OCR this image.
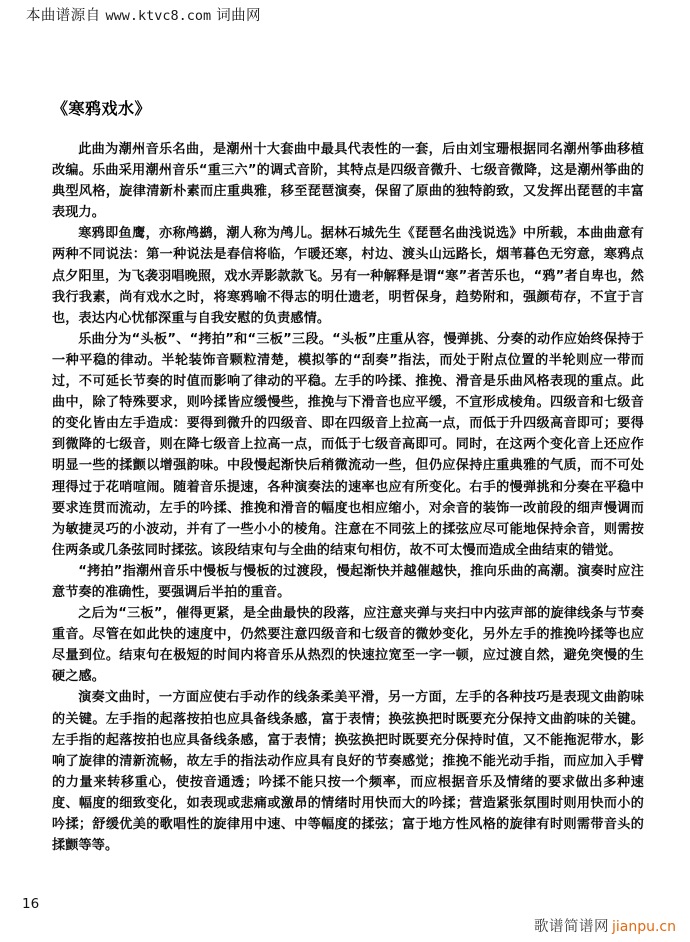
本曲谱源自 www.ktvc8.com 词曲网
《寒鸦戏水》

此曲为潮州音乐名曲，是潮州十大套曲中最具代表性的一套，后由刘宝珊根据同名潮州筝曲移植改编。乐曲采用潮州音乐“重三六”的调式音阶，其特点是四级音微升、七级音微降，这是潮州筝曲的典型风格，旋律清新朴素而庄重典雅，移至琵琶演奏，保留了原曲的独特韵致，又发挥出琵琶的丰富表现力。

寒鸦即鱼鹰，亦称鸬鹚，潮人称为鸬儿。据林石城先生《琵琶名曲浅说选》中所载，本曲曲意有两种不同说法：第一种说法是春信将临，乍暖还寒，村边、渡头山远路长，烟苇暮色无穷意，寒鸦点点夕阳里，为飞袭羽唱晚照，戏水弄影款款飞。另有一种解释是谓“寒”者苦乐也，“鸦”者自卑也，然我行我素，尚有戏水之时，将寒鸦喻不得志的明仕遗老，明哲保身，趋势附和，强颜苟存，不宣于言也，表达内心忧郁深重与自我安慰的负责感情。

乐曲分为“头板”、“拷拍”和“三板”三段。“头板”庄重从容，慢弹挑、分奏的动作应始终保持于一种平稳的律动。半轮装饰音颗粒清楚，模拟筝的“刮奏”指法，而处于附点位置的半轮则应一带而过，不可延长节奏的时值而影响了律动的平稳。左手的吟揉、推挽、滑音是乐曲风格表现的重点。此曲中，除了特殊要求，则吟揉皆应缓慢些，推挽与下滑音也应平缓，不宣形成棱角。四级音和七级音的变化皆由左手造成：要得到微升的四级音、即在四级音上拉高一点，而低于升四级高音即可；要得到微降的七级音，则在降七级音上拉高一点，而低于七级音高即可。同时，在这两个变化音上还应作明显一些的揉颤以增强韵味。中段慢起渐快后稍微流动一些，但仍应保持庄重典雅的气质，而不可处理得过于花哨喧闹。随着音乐提速，各种演奏法的速率也应有所变化。右手的慢弹挑和分奏在平稳中要求连贯而流动，左手的吟揉、推挽和滑音的幅度也相应缩小，对余音的装饰一改前段的细声慢调而为敏捷灵巧的小波动，并有了一些小小的棱角。注意在不同弦上的揉弦应尽可能地保持余音，则需按住两条或几条弦同时揉弦。该段结束句与全曲的结束句相仿，故不可太慢而造成全曲结束的错觉。

“拷拍”指潮州音乐中慢板与慢板的过渡段，慢起渐快并越催越快，推向乐曲的高潮。演奏时应注意节奏的准确性，要强调后半拍的重音。

之后为“三板”，催得更紧，是全曲最快的段落，应注意夹弹与夹扫中内弦声部的旋律线条与节奏重音。尽管在如此快的速度中，仍然要注意四级音和七级音的微妙变化，另外左手的推挽吟揉等也应尽量到位。结束句在极短的时间内将音乐从热烈的快速拉宽至一字一顿，应过渡自然，避免突慢的生硬之感。

演奏文曲时，一方面应使右手动作的线条柔美平滑，另一方面，左手的各种技巧是表现文曲韵味的关键。左手指的起落按拍也应具备线条感，富于表情；换弦换把时既要充分保持文曲韵味的关键。左手指的起落按拍也应具备线条感，富于表情；换弦换把时既要充分保持时值，又不能拖泥带水，影响了旋律的清新流畅，故左手的指法动作应具有良好的节奏感觉；推挽不能光动手指，而应加入手臂的力量来转移重心，使按音通透；吟揉不能只按一个频率，而应根据音乐及情绪的要求做出多种速度、幅度的细致变化，如表现或悲痛或激昂的情绪时用快而大的吟揉；营造紧张氛围时则用快而小的吟揉；舒缓优美的歌唱性的旋律用中速、中等幅度的揉弦；富于地方性风格的旋律有时则需带音头的揉颤等等。

16
歌谱简谱网 jianpu.cn
